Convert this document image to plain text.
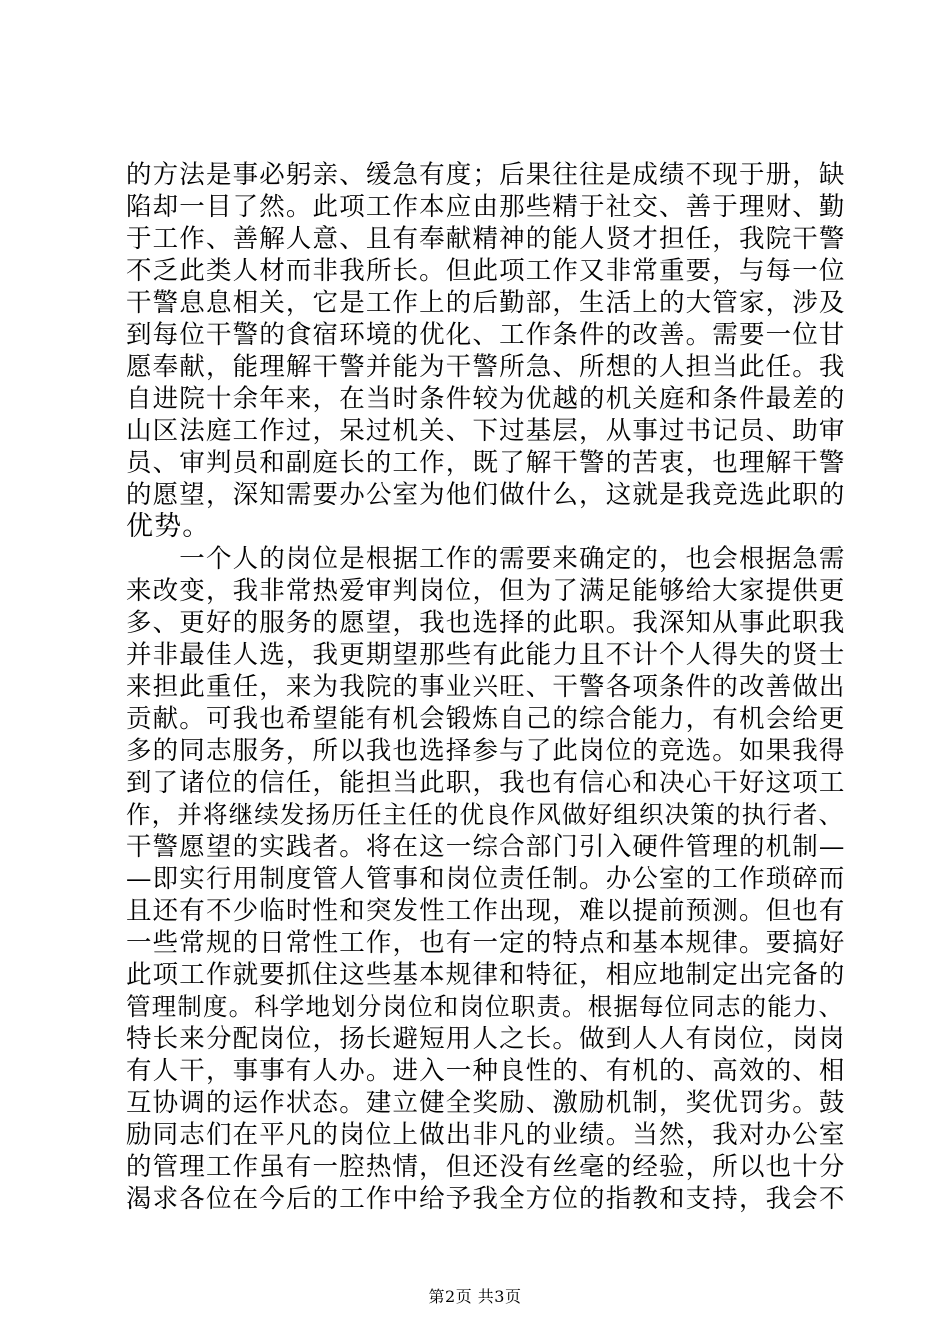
的方法是事必躬亲、缓急有度；后果往往是成绩不现于册，缺
陷却一目了然。此项工作本应由那些精于社交、善于理财、勤
于工作、善解人意、且有奉献精神的能人贤才担任，我院干警
不乏此类人材而非我所长。但此项工作又非常重要，与每一位
干警息息相关，它是工作上的后勤部，生活上的大管家，涉及
到每位干警的食宿环境的优化、工作条件的改善。需要一位甘
愿奉献，能理解干警并能为干警所急、所想的人担当此任。我
自进院十余年来，在当时条件较为优越的机关庭和条件最差的
山区法庭工作过，呆过机关、下过基层，从事过书记员、助审
员、审判员和副庭长的工作，既了解干警的苦衷，也理解干警
的愿望，深知需要办公室为他们做什么，这就是我竞选此职的
优势。
　　一个人的岗位是根据工作的需要来确定的，也会根据急需
来改变，我非常热爱审判岗位，但为了满足能够给大家提供更
多、更好的服务的愿望，我也选择的此职。我深知从事此职我
并非最佳人选，我更期望那些有此能力且不计个人得失的贤士
来担此重任，来为我院的事业兴旺、干警各项条件的改善做出
贡献。可我也希望能有机会锻炼自己的综合能力，有机会给更
多的同志服务，所以我也选择参与了此岗位的竞选。如果我得
到了诸位的信任，能担当此职，我也有信心和决心干好这项工
作，并将继续发扬历任主任的优良作风做好组织决策的执行者、
干警愿望的实践者。将在这一综合部门引入硬件管理的机制—
—即实行用制度管人管事和岗位责任制。办公室的工作琐碎而
且还有不少临时性和突发性工作出现，难以提前预测。但也有
一些常规的日常性工作，也有一定的特点和基本规律。要搞好
此项工作就要抓住这些基本规律和特征，相应地制定出完备的
管理制度。科学地划分岗位和岗位职责。根据每位同志的能力、
特长来分配岗位，扬长避短用人之长。做到人人有岗位，岗岗
有人干，事事有人办。进入一种良性的、有机的、高效的、相
互协调的运作状态。建立健全奖励、激励机制，奖优罚劣。鼓
励同志们在平凡的岗位上做出非凡的业绩。当然，我对办公室
的管理工作虽有一腔热情，但还没有丝毫的经验，所以也十分
渴求各位在今后的工作中给予我全方位的指教和支持，我会不
第2页 共3页
